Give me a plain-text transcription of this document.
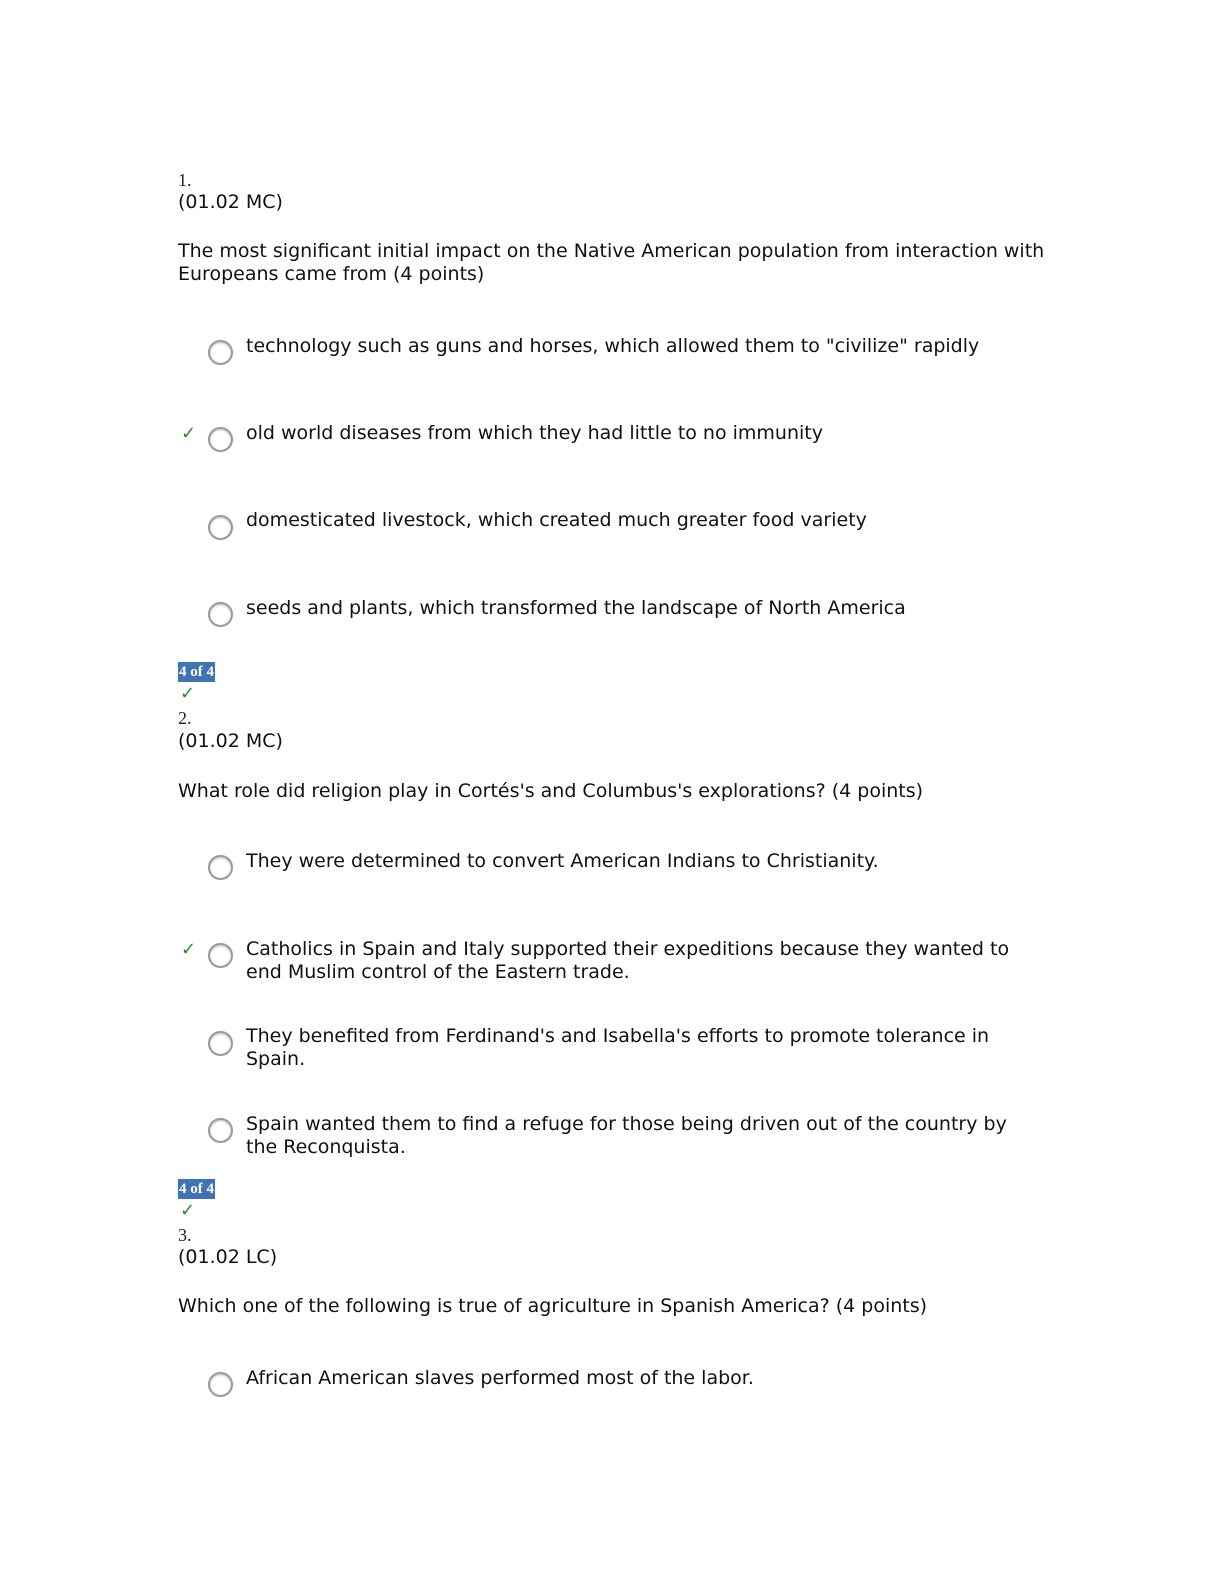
1.
(01.02 MC)
The most significant initial impact on the Native American population from interaction with Europeans came from (4 points)
technology such as guns and horses, which allowed them to "civilize" rapidly
✓	old world diseases from which they had little to no immunity
domesticated livestock, which created much greater food variety
seeds and plants, which transformed the landscape of North America
4 of 4
✓
2.
(01.02 MC)
What role did religion play in Cortés's and Columbus's explorations? (4 points)
They were determined to convert American Indians to Christianity.
✓	Catholics in Spain and Italy supported their expeditions because they wanted to end Muslim control of the Eastern trade.
They benefited from Ferdinand's and Isabella's efforts to promote tolerance in Spain.
Spain wanted them to find a refuge for those being driven out of the country by the Reconquista.
4 of 4
✓
3.
(01.02 LC)
Which one of the following is true of agriculture in Spanish America? (4 points)
African American slaves performed most of the labor.
